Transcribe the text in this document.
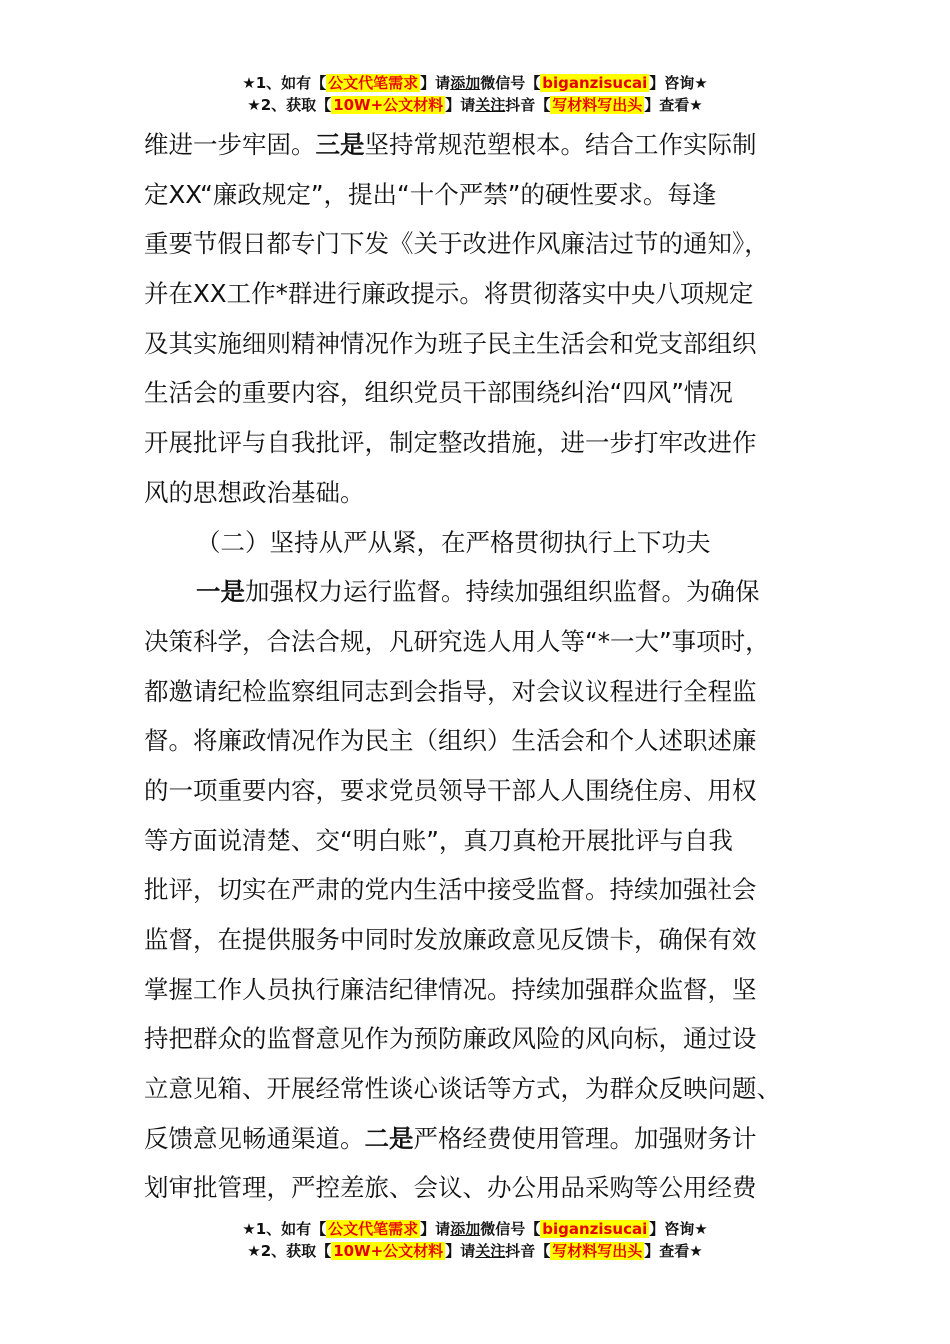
★1、如有【 公文代笔需求 】请添加微信号【 biganzisucai 】咨询★
★2、获取【 10W+公文材料 】请关注抖音【 写材料写出头 】查看★
维进一步牢固。三是坚持常规范塑根本。结合工作实际制
定XX“廉政规定”，提出“十个严禁”的硬性要求。每逢
重要节假日都专门下发《关于改进作风廉洁过节的通知》，
并在XX工作*群进行廉政提示。将贯彻落实中央八项规定
及其实施细则精神情况作为班子民主生活会和党支部组织
生活会的重要内容，组织党员干部围绕纠治“四风”情况
开展批评与自我批评，制定整改措施，进一步打牢改进作
风的思想政治基础。
（二）坚持从严从紧，在严格贯彻执行上下功夫
一是加强权力运行监督。持续加强组织监督。为确保
决策科学，合法合规，凡研究选人用人等“*一大”事项时，
都邀请纪检监察组同志到会指导，对会议议程进行全程监
督。将廉政情况作为民主（组织）生活会和个人述职述廉
的一项重要内容，要求党员领导干部人人围绕住房、用权
等方面说清楚、交“明白账”，真刀真枪开展批评与自我
批评，切实在严肃的党内生活中接受监督。持续加强社会
监督，在提供服务中同时发放廉政意见反馈卡，确保有效
掌握工作人员执行廉洁纪律情况。持续加强群众监督，坚
持把群众的监督意见作为预防廉政风险的风向标，通过设
立意见箱、开展经常性谈心谈话等方式，为群众反映问题、
反馈意见畅通渠道。二是严格经费使用管理。加强财务计
划审批管理，严控差旅、会议、办公用品采购等公用经费
★1、如有【 公文代笔需求 】请添加微信号【 biganzisucai 】咨询★
★2、获取【 10W+公文材料 】请关注抖音【 写材料写出头 】查看★
